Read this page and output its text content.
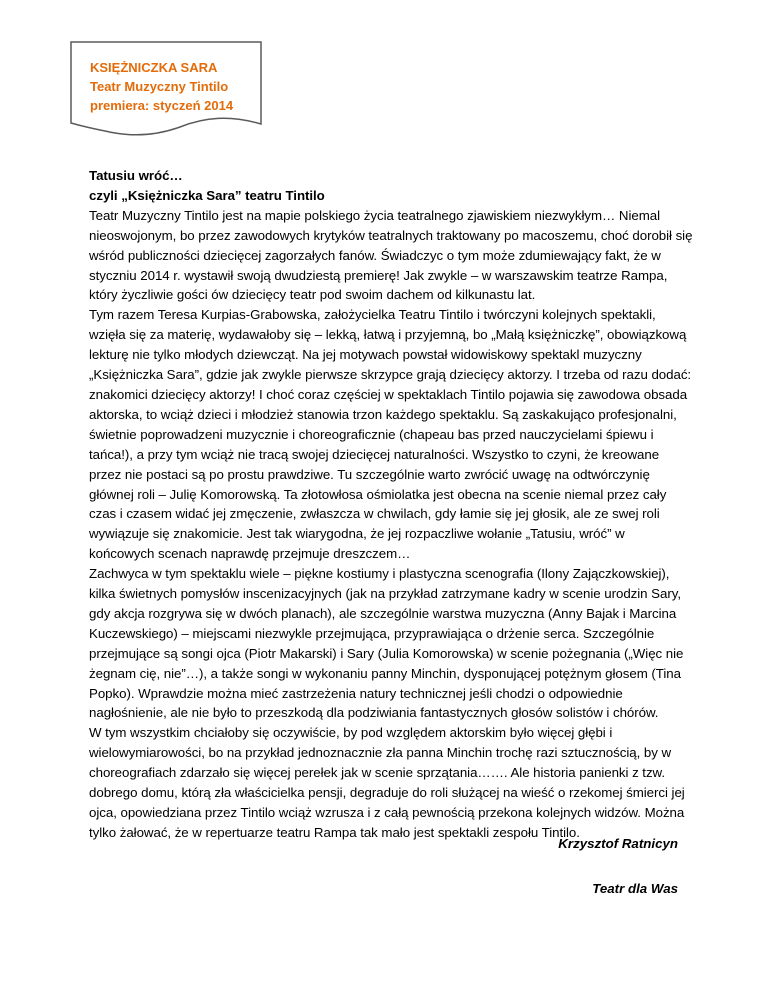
KSIĘŻNICZKA SARA
Teatr Muzyczny Tintilo
premiera: styczeń 2014
Tatusiu wróć…
czyli „Księżniczka Sara” teatru Tintilo

Teatr Muzyczny Tintilo jest na mapie polskiego życia teatralnego zjawiskiem niezwykłym… Niemal nieoswojonym, bo przez zawodowych krytyków teatralnych traktowany po macoszemu, choć dorobił się wśród publiczności dziecięcej zagorzałych fanów. Świadczyc o tym może zdumiewający fakt, że w styczniu 2014 r. wystawił swoją dwudziestą premierę! Jak zwykle – w warszawskim teatrze Rampa, który życzliwie gości ów dziecięcy teatr pod swoim dachem od kilkunastu lat.

Tym razem Teresa Kurpias-Grabowska, założycielka Teatru Tintilo i twórczyni kolejnych spektakli, wzięła się za materię, wydawałoby się – lekką, łatwą i przyjemną, bo „Małą księżniczkę”, obowiązkową lekturę nie tylko młodych dziewcząt. Na jej motywach powstał widowiskowy spektakl muzyczny „Księżniczka Sara”, gdzie jak zwykle pierwsze skrzypce grają dziecięcy aktorzy. I trzeba od razu dodać: znakomici dziecięcy aktorzy! I choć coraz częściej w spektaklach Tintilo pojawia się zawodowa obsada aktorska, to wciąż dzieci i młodzież stanowia trzon każdego spektaklu. Są zaskakująco profesjonalni, świetnie poprowadzeni muzycznie i choreograficznie (chapeau bas przed nauczycielami śpiewu i tańca!), a przy tym wciąż nie tracą swojej dziecięcej naturalności. Wszystko to czyni, że kreowane przez nie postaci są po prostu prawdziwe. Tu szczególnie warto zwrócić uwagę na odtwórczynię głównej roli – Julię Komorowską. Ta złotowłosa ośmiolatka jest obecna na scenie niemal przez cały czas i czasem widać jej zmęczenie, zwłaszcza w chwilach, gdy łamie się jej głosik, ale ze swej roli wywiązuje się znakomicie. Jest tak wiarygodna, że jej rozpaczliwe wołanie „Tatusiu, wróć” w końcowych scenach naprawdę przejmuje dreszczem…

Zachwyca w tym spektaklu wiele – piękne kostiumy i plastyczna scenografia (Ilony Zajączkowskiej), kilka świetnych pomysłów inscenizacyjnych (jak na przykład zatrzymane kadry w scenie urodzin Sary, gdy akcja rozgrywa się w dwóch planach), ale szczególnie warstwa muzyczna (Anny Bajak i Marcina Kuczewskiego) – miejscami niezwykle przejmująca, przyprawiająca o drżenie serca. Szczególnie przejmujące są songi ojca (Piotr Makarski) i Sary (Julia Komorowska) w scenie pożegnania („Więc nie żegnam cię, nie”…), a także songi w wykonaniu panny Minchin, dysponującej potężnym głosem (Tina Popko). Wprawdzie można mieć zastrzeżenia natury technicznej jeśli chodzi o odpowiednie nagłośnienie, ale nie było to przeszkodą dla podziwiania fantastycznych głosów solistów i chórów.

W tym wszystkim chciałoby się oczywiście, by pod względem aktorskim było więcej głębi i wielowymiarowości, bo na przykład jednoznacznie zła panna Minchin trochę razi sztucznością, by w choreografiach zdarzało się więcej perełek jak w scenie sprzątania……. Ale historia panienki z tzw. dobrego domu, którą zła właścicielka pensji, degraduje do roli służącej na wieść o rzekomej śmierci jej ojca, opowiedziana przez Tintilo wciąż wzrusza i z całą pewnością przekona kolejnych widzów. Można tylko żałować, że w repertuarze teatru Rampa tak mało jest spektakli zespołu Tintilo.

Krzysztof Ratnicyn
Teatr dla Was
